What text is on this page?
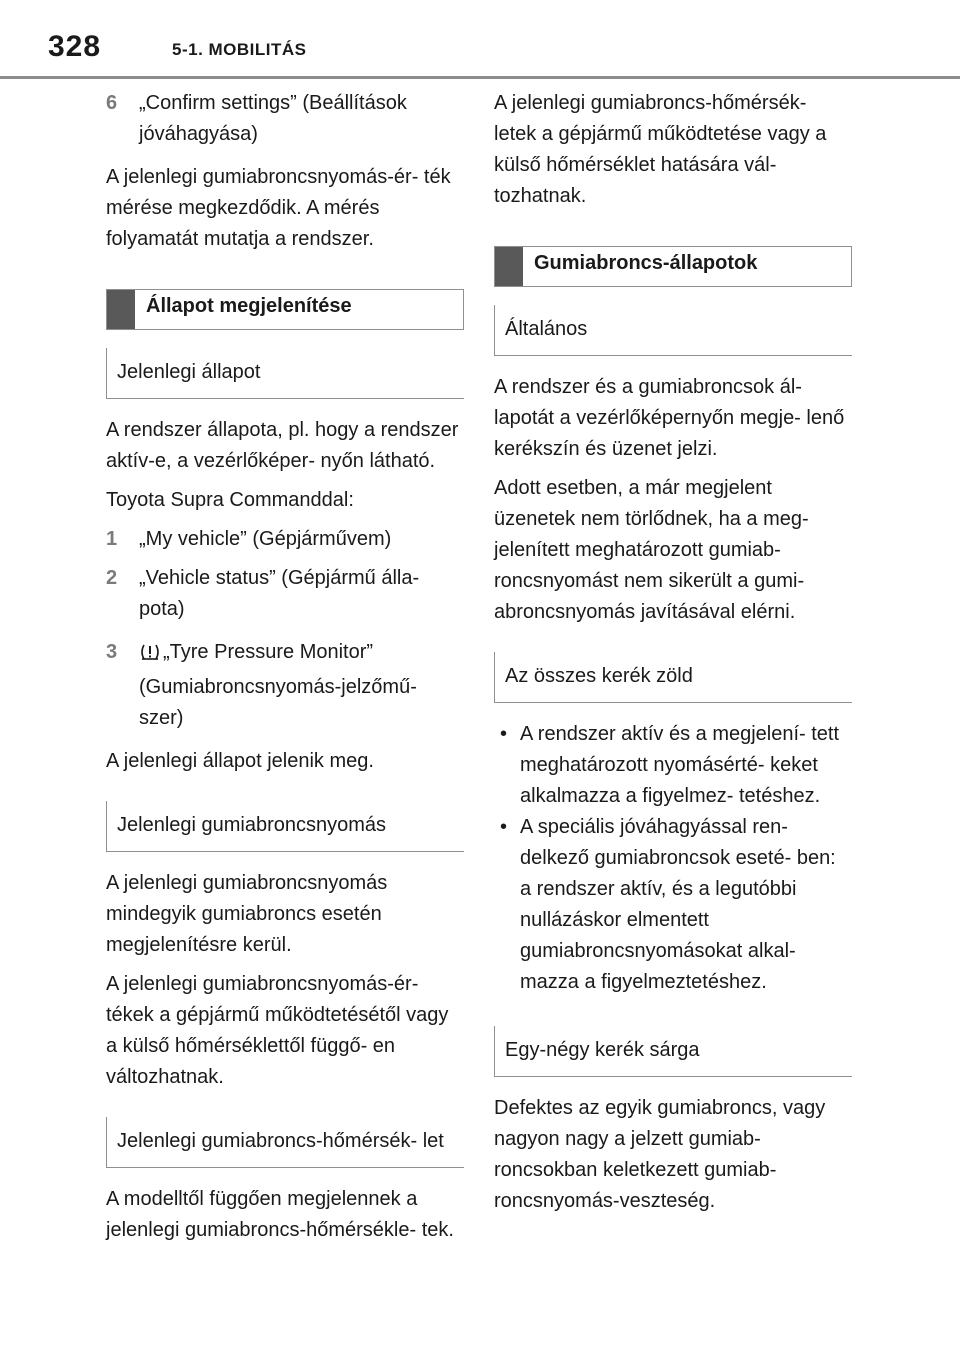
328	5-1. MOBILITÁS
6 „Confirm settings” (Beállítások jóváhagyása)

A jelenlegi gumiabroncsnyomás-ér- ték mérése megkezdődik. A mérés folyamatát mutatja a rendszer.

Állapot megjelenítése
Jelenlegi állapot

A rendszer állapota, pl. hogy a rendszer aktív-e, a vezérlőképer- nyőn látható.

Toyota Supra Commanddal:

1 „My vehicle” (Gépjárművem)
2 „Vehicle status” (Gépjármű álla- pota)
3 „Tyre Pressure Monitor” (Gumiabroncsnyomás-jelzőmű- szer)

A jelenlegi állapot jelenik meg.

Jelenlegi gumiabroncsnyomás

A jelenlegi gumiabroncsnyomás mindegyik gumiabroncs esetén megjelenítésre kerül.

A jelenlegi gumiabroncsnyomás-ér- tékek a gépjármű működtetésétől vagy a külső hőmérséklettől függő- en változhatnak.

Jelenlegi gumiabroncs-hőmérsék- let

A modelltől függően megjelennek a jelenlegi gumiabroncs-hőmérsékle- tek.

A jelenlegi gumiabroncs-hőmérsék- letek a gépjármű működtetése vagy a külső hőmérséklet hatására vál- tozhatnak.

Gumiabroncs-állapotok
Általános

A rendszer és a gumiabroncsok ál- lapotát a vezérlőképernyőn megje- lenő kerékszín és üzenet jelzi.

Adott esetben, a már megjelent üzenetek nem törlődnek, ha a meg- jelenített meghatározott gumiab- roncsnyomást nem sikerült a gumi- abroncsnyomás javításával elérni.

Az összes kerék zöld
• A rendszer aktív és a megjelení- tett meghatározott nyomásérté- keket alkalmazza a figyelmez- tetéshez.
• A speciális jóváhagyással ren- delkező gumiabroncsok eseté- ben: a rendszer aktív, és a legutóbbi nullázáskor elmentett gumiabroncsnyomásokat alkal- mazza a figyelmeztetéshez.
Egy-négy kerék sárga

Defektes az egyik gumiabroncs, vagy nagyon nagy a jelzett gumiab- roncsokban keletkezett gumiab- roncsnyomás-veszteség.
